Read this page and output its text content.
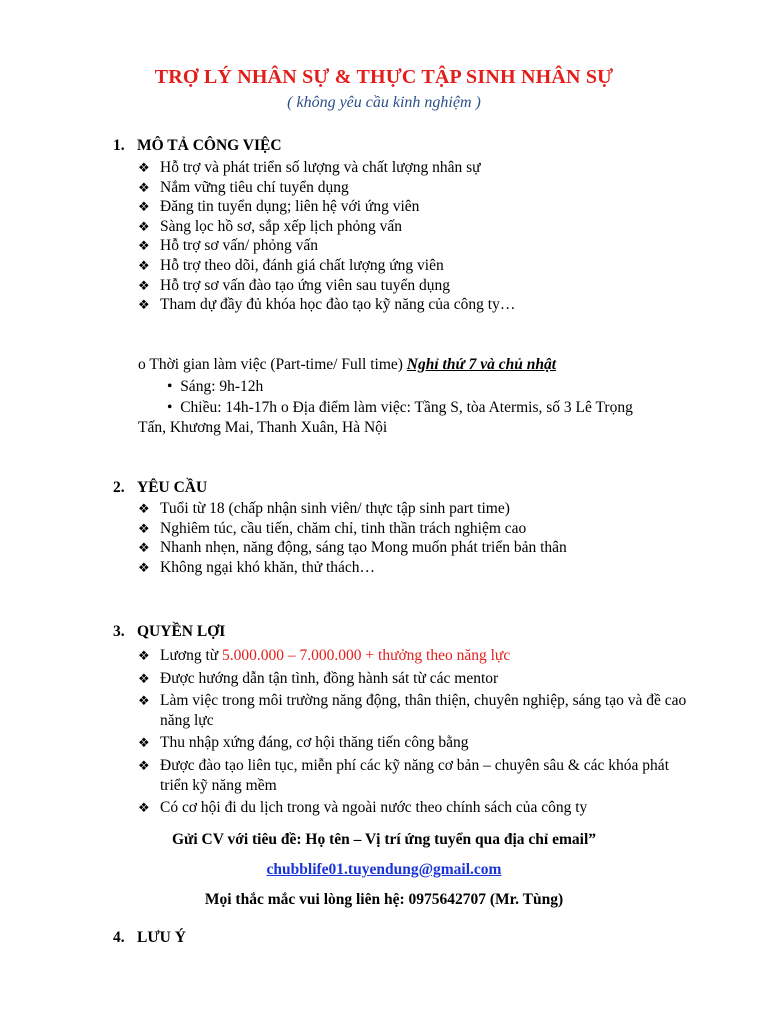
TRỢ LÝ NHÂN SỰ & THỰC TẬP SINH NHÂN SỰ
( không yêu cầu kinh nghiệm )
1. MÔ TẢ CÔNG VIỆC
❖ Hỗ trợ và phát triển số lượng và chất lượng nhân sự
❖ Nắm vững tiêu chí tuyển dụng
❖ Đăng tin tuyển dụng; liên hệ với ứng viên
❖ Sàng lọc hồ sơ, sắp xếp lịch phỏng vấn
❖ Hỗ trợ sơ vấn/ phỏng vấn
❖ Hỗ trợ theo dõi, đánh giá chất lượng ứng viên
❖ Hỗ trợ sơ vấn đào tạo ứng viên sau tuyển dụng
❖ Tham dự đầy đủ khóa học đào tạo kỹ năng của công ty…
o Thời gian làm việc (Part-time/ Full time) Nghỉ thứ 7 và chủ nhật
• Sáng: 9h-12h
• Chiều: 14h-17h o Địa điểm làm việc: Tầng S, tòa Atermis, số 3 Lê Trọng
Tấn, Khương Mai, Thanh Xuân, Hà Nội
2. YÊU CẦU
❖ Tuổi từ 18 (chấp nhận sinh viên/ thực tập sinh part time)
❖ Nghiêm túc, cầu tiến, chăm chỉ, tinh thần trách nghiệm cao
❖ Nhanh nhẹn, năng động, sáng tạo Mong muốn phát triển bản thân
❖ Không ngại khó khăn, thử thách…
3. QUYỀN LỢI
❖ Lương từ 5.000.000 – 7.000.000 + thưởng theo năng lực
❖ Được hướng dẫn tận tình, đồng hành sát từ các mentor
❖ Làm việc trong môi trường năng động, thân thiện, chuyên nghiệp, sáng tạo và đề cao năng lực
❖ Thu nhập xứng đáng, cơ hội thăng tiến công bằng
❖ Được đào tạo liên tục, miễn phí các kỹ năng cơ bản – chuyên sâu & các khóa phát triển kỹ năng mềm
❖ Có cơ hội đi du lịch trong và ngoài nước theo chính sách của công ty
Gửi CV với tiêu đề: Họ tên – Vị trí ứng tuyển qua địa chỉ email”
chubblife01.tuyendung@gmail.com
Mọi thắc mắc vui lòng liên hệ: 0975642707 (Mr. Tùng)
4. LƯU Ý
